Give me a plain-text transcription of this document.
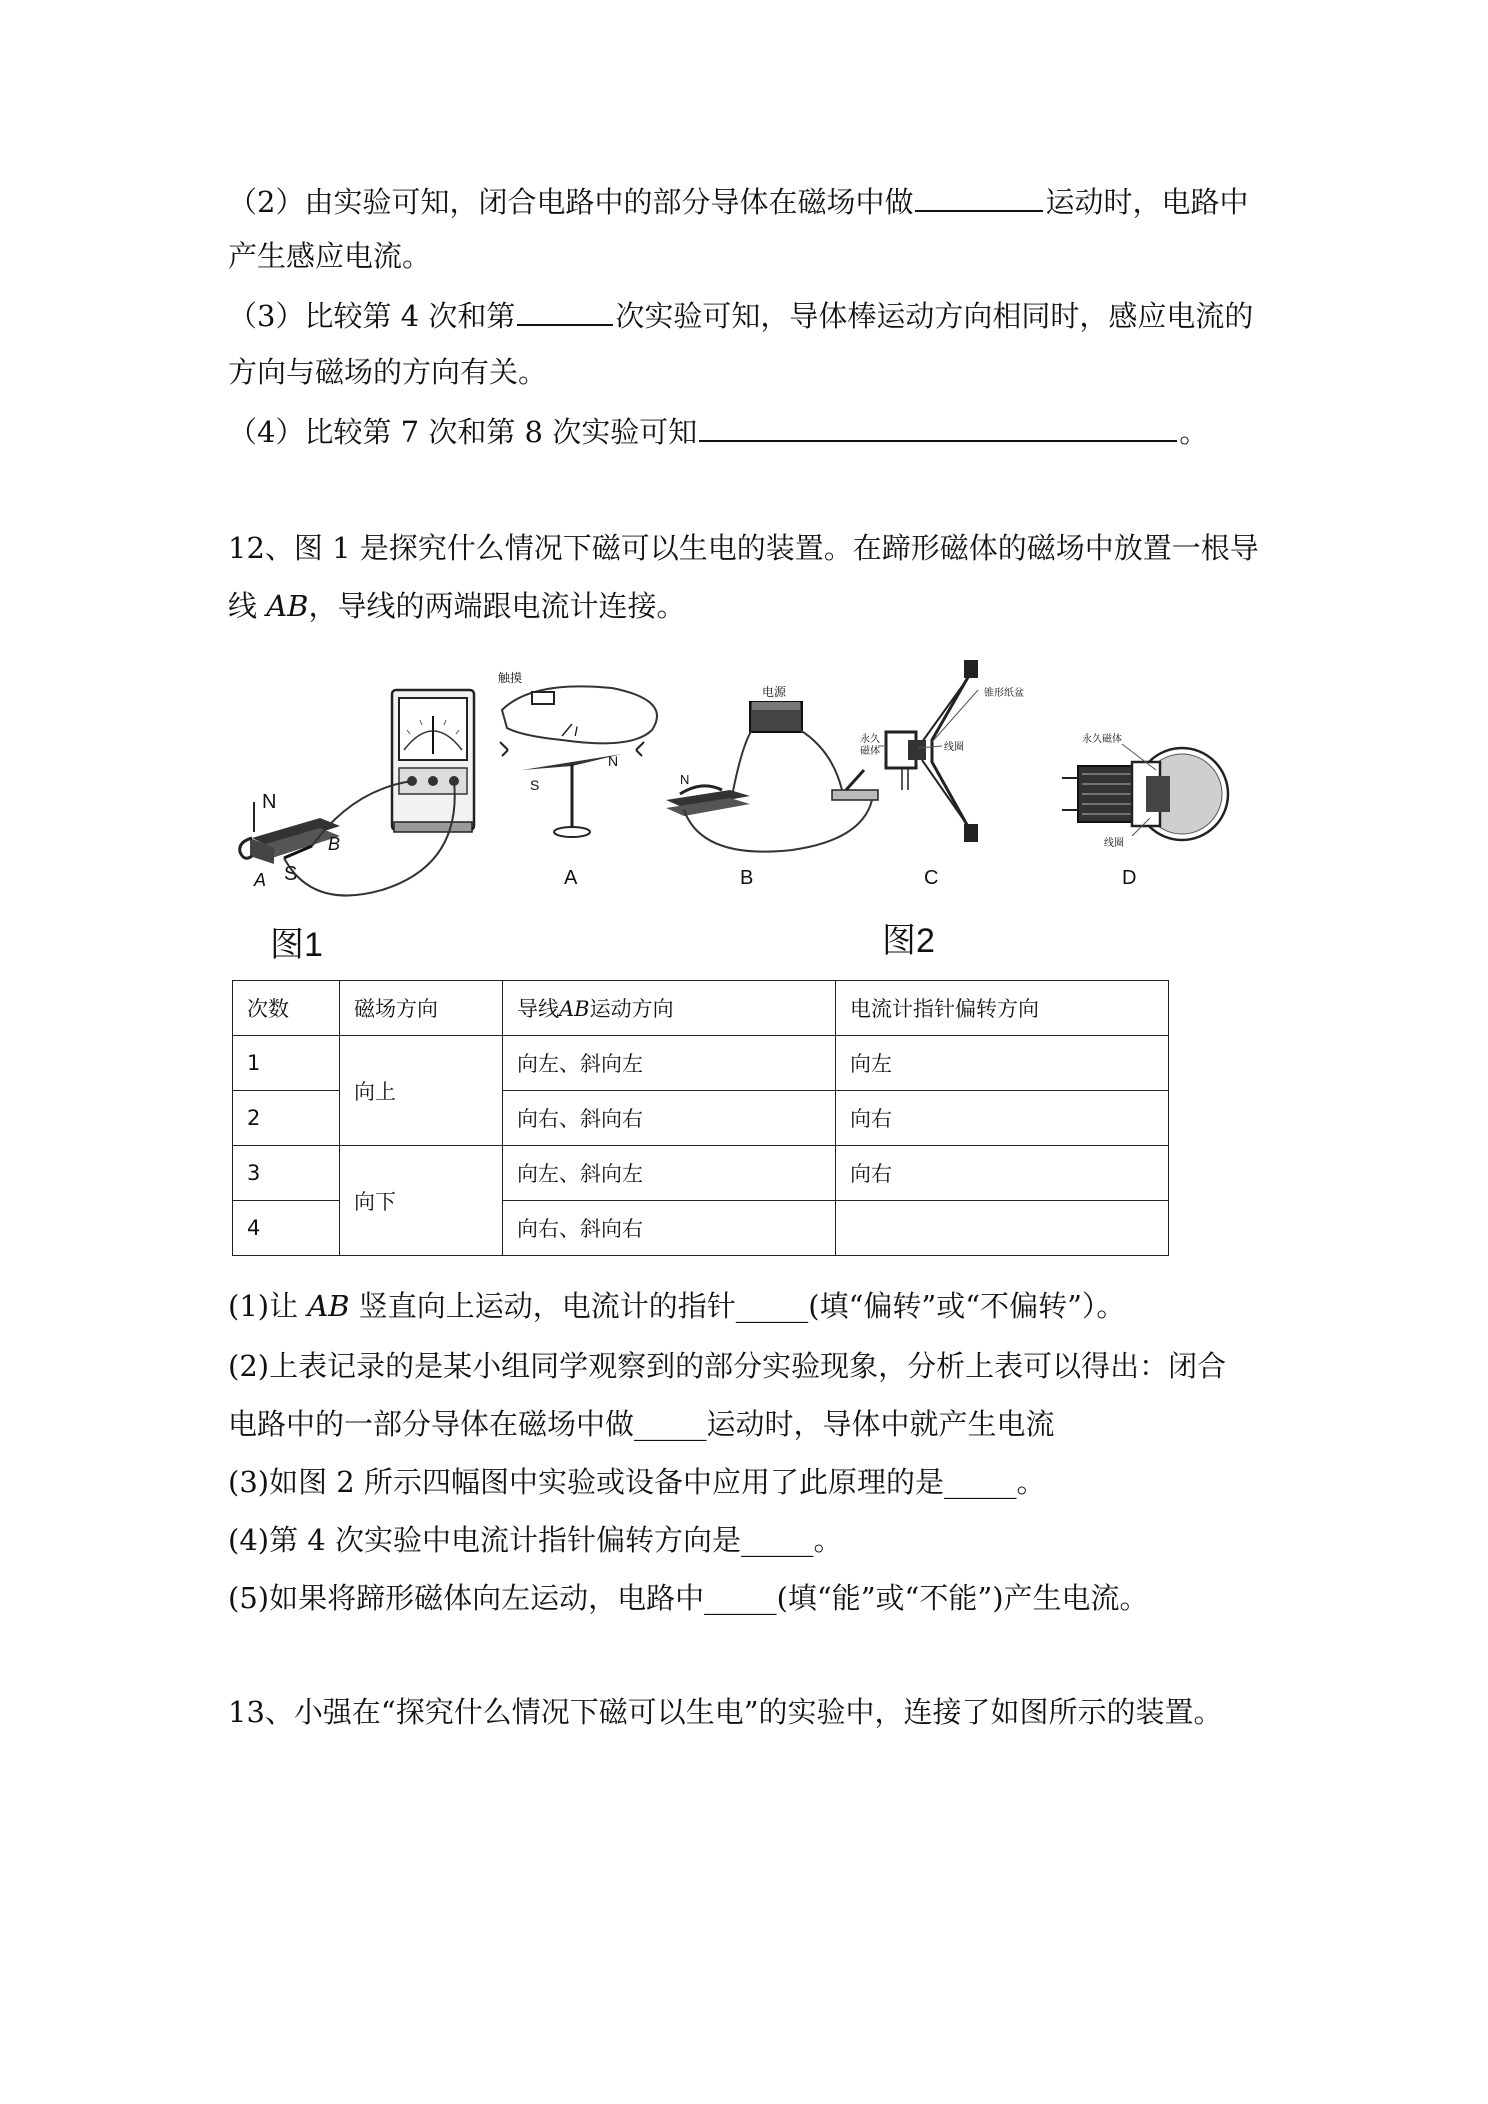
（2）由实验可知，闭合电路中的部分导体在磁场中做	运动时，电路中
产生感应电流。
（3）比较第 4 次和第	次实验可知，导体棒运动方向相同时，感应电流的
方向与磁场的方向有关。
（4）比较第 7 次和第 8 次实验可知	。
12、图 1 是探究什么情况下磁可以生电的装置。在蹄形磁体的磁场中放置一根导
线 AB，导线的两端跟电流计连接。
N
S
A
B
图1
触摸
I
S
N
A
电源
N
B
锥形纸盆
永久
磁体	线圈
C
永久磁体
线圈
D
图2
次数	磁场方向	导线AB运动方向	电流计指针偏转方向
1	向上	向左、斜向左	向左
2		向右、斜向右	向右
3	向下	向左、斜向左	向右
4		向右、斜向右	
(1)让 AB 竖直向上运动，电流计的指针_____(填“偏转”或“不偏转”）。
(2)上表记录的是某小组同学观察到的部分实验现象，分析上表可以得出：闭合
电路中的一部分导体在磁场中做_____运动时，导体中就产生电流
(3)如图 2 所示四幅图中实验或设备中应用了此原理的是_____。
(4)第 4 次实验中电流计指针偏转方向是_____。
(5)如果将蹄形磁体向左运动，电路中_____(填“能”或“不能”)产生电流。
13、小强在“探究什么情况下磁可以生电”的实验中，连接了如图所示的装置。
